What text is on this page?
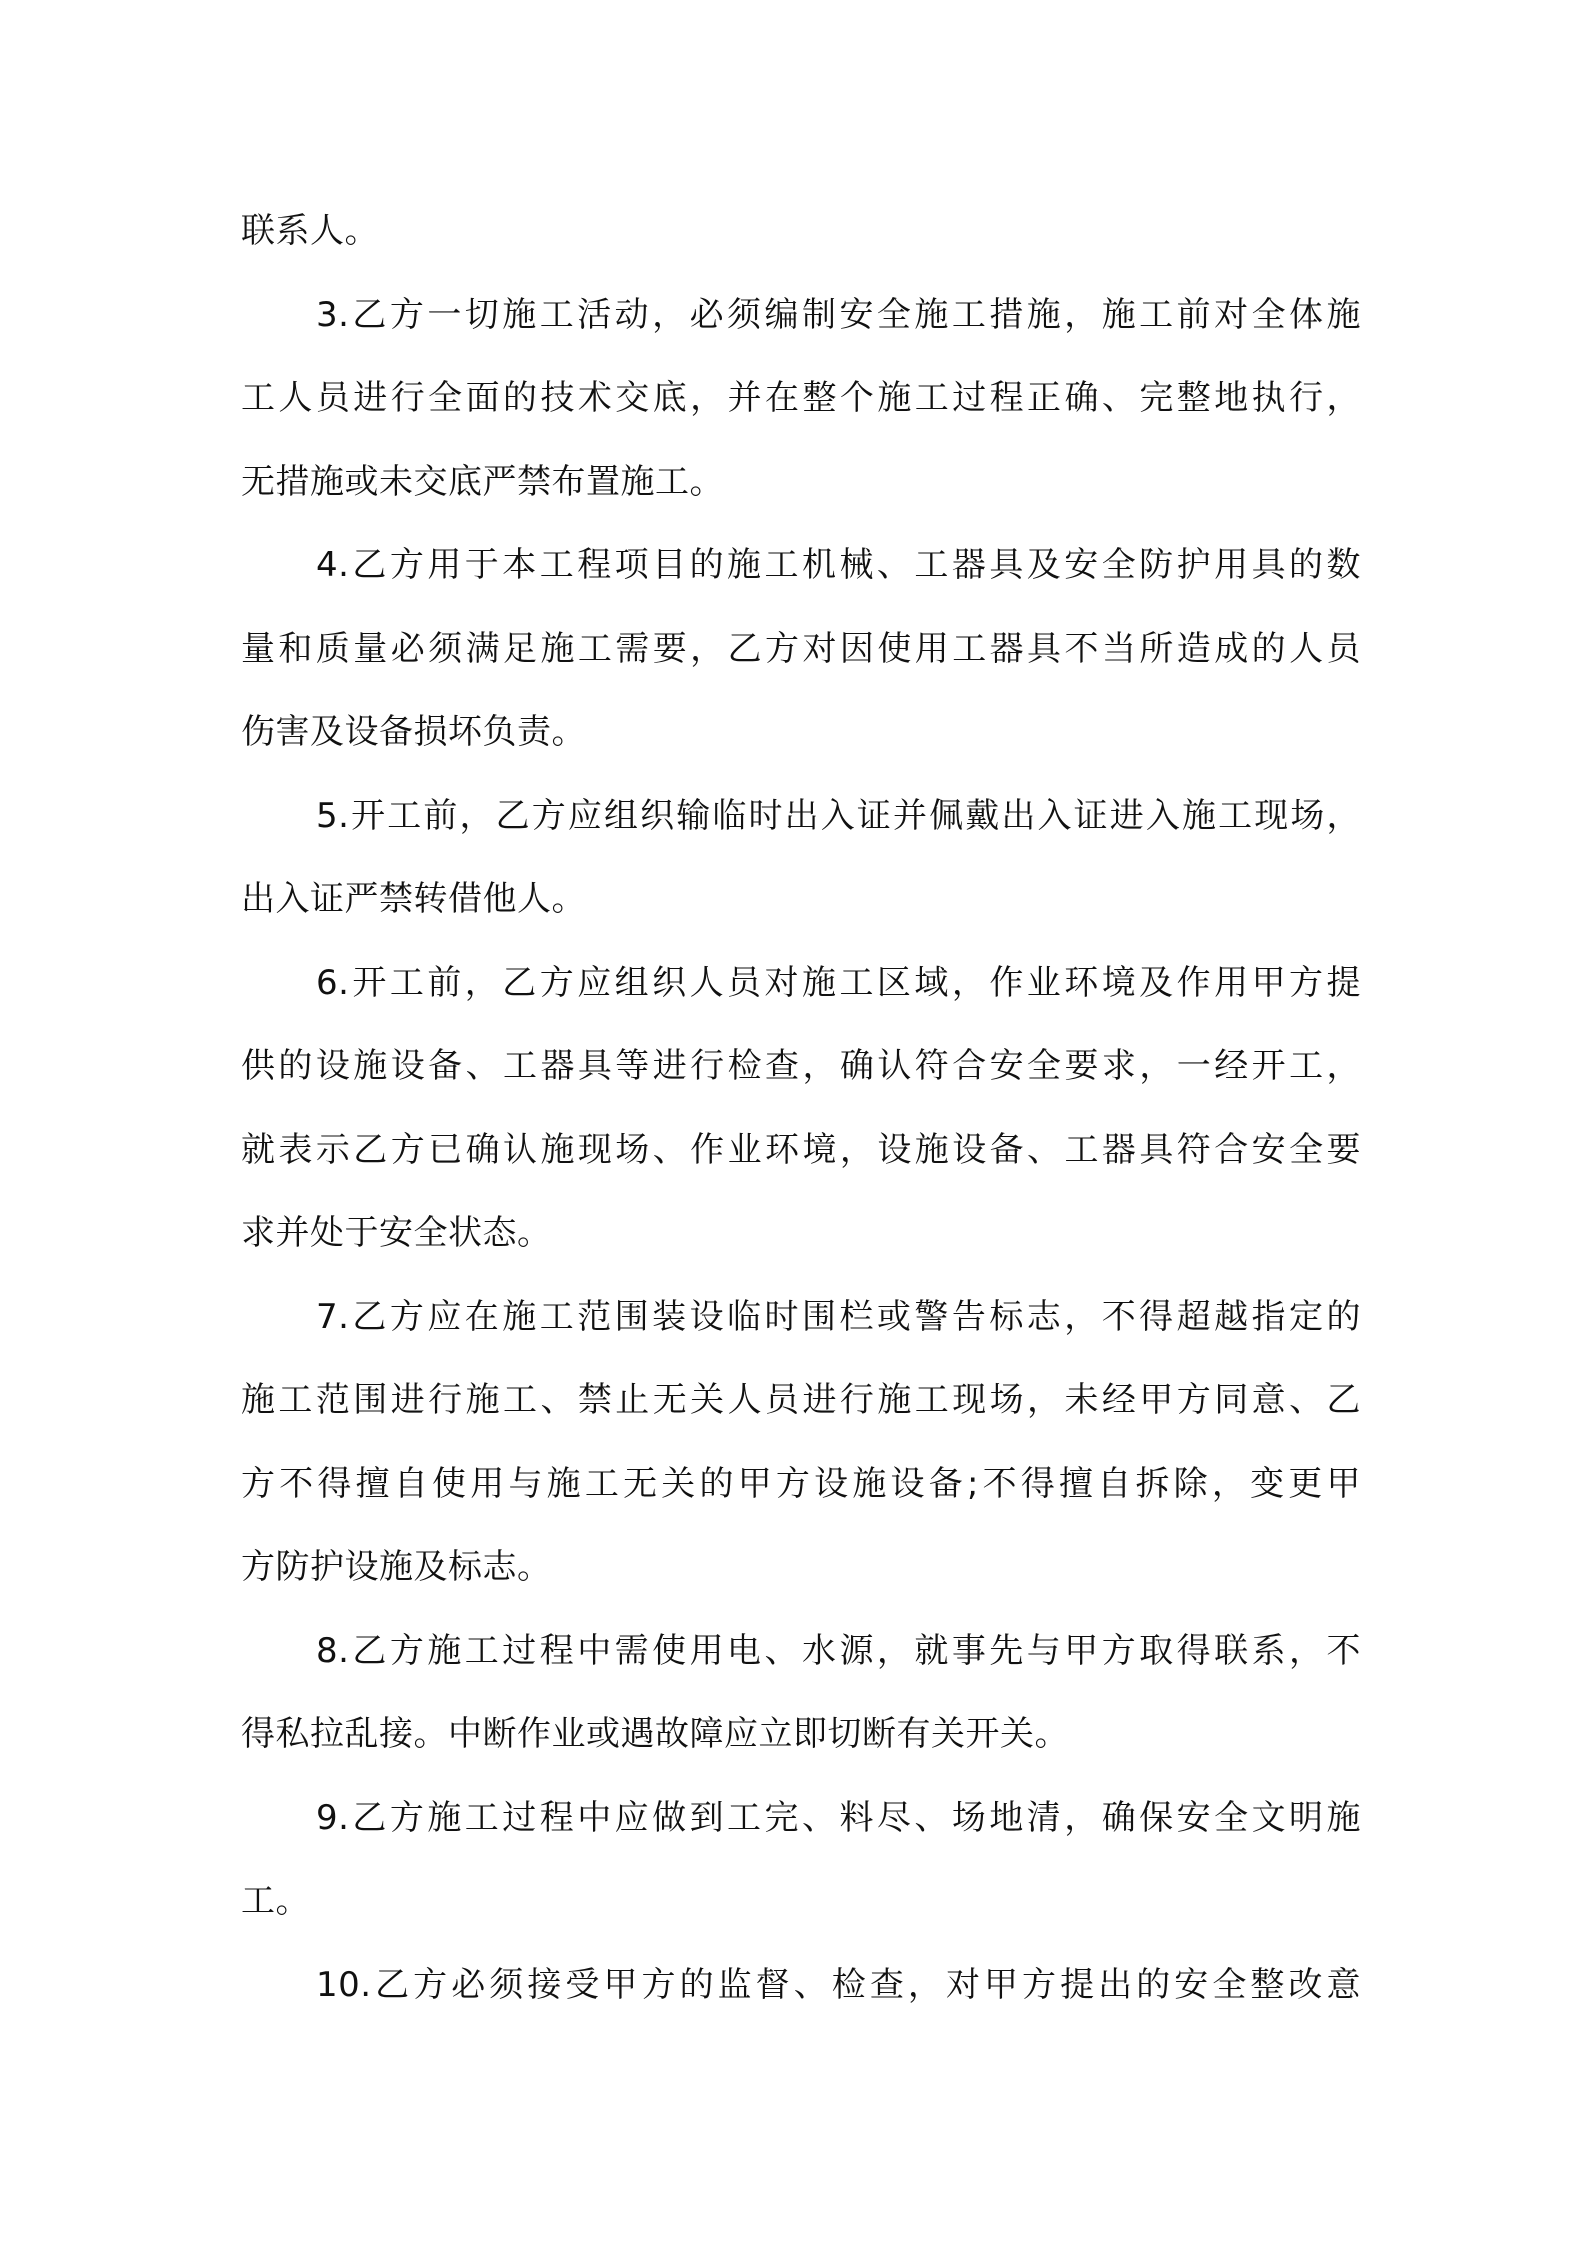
联系人。
3.乙方一切施工活动，必须编制安全施工措施，施工前对全体施
工人员进行全面的技术交底，并在整个施工过程正确、完整地执行，
无措施或未交底严禁布置施工。
4.乙方用于本工程项目的施工机械、工器具及安全防护用具的数
量和质量必须满足施工需要，乙方对因使用工器具不当所造成的人员
伤害及设备损坏负责。
5.开工前，乙方应组织输临时出入证并佩戴出入证进入施工现场，
出入证严禁转借他人。
6.开工前，乙方应组织人员对施工区域，作业环境及作用甲方提
供的设施设备、工器具等进行检查，确认符合安全要求，一经开工，
就表示乙方已确认施现场、作业环境，设施设备、工器具符合安全要
求并处于安全状态。
7.乙方应在施工范围装设临时围栏或警告标志，不得超越指定的
施工范围进行施工、禁止无关人员进行施工现场，未经甲方同意、乙
方不得擅自使用与施工无关的甲方设施设备;不得擅自拆除，变更甲
方防护设施及标志。
8.乙方施工过程中需使用电、水源，就事先与甲方取得联系，不
得私拉乱接。中断作业或遇故障应立即切断有关开关。
9.乙方施工过程中应做到工完、料尽、场地清，确保安全文明施
工。
10.乙方必须接受甲方的监督、检查，对甲方提出的安全整改意
